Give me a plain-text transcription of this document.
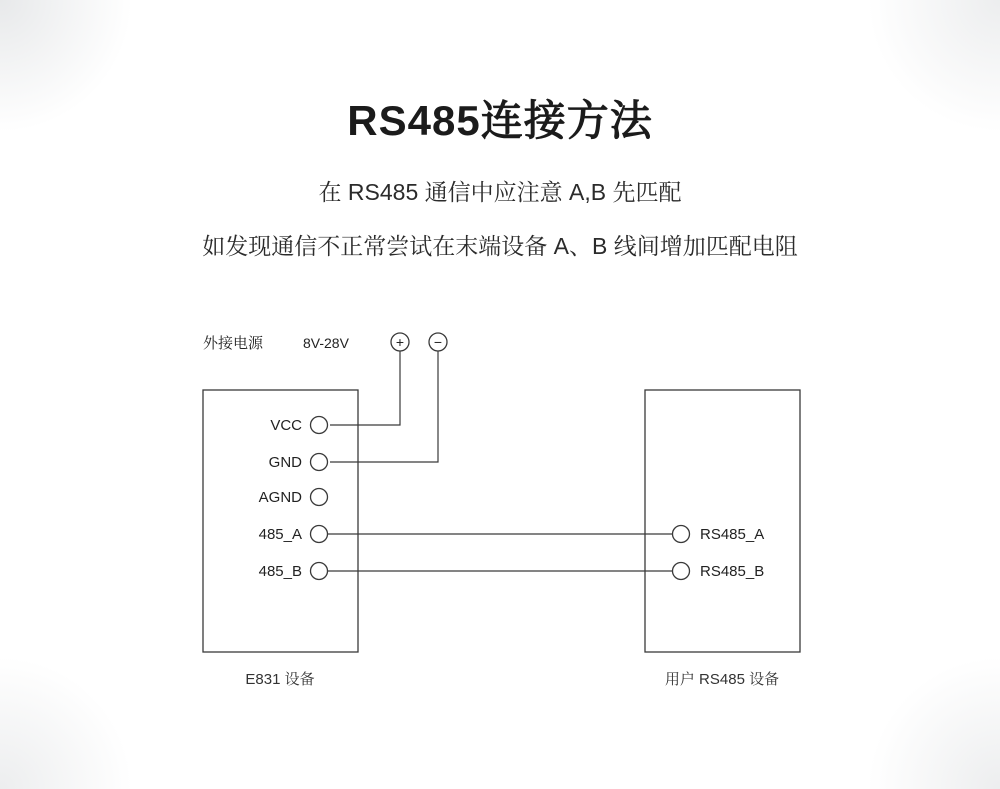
RS485连接方法
在 RS485 通信中应注意 A,B 先匹配
如发现通信不正常尝试在末端设备 A、B 线间增加匹配电阻
外接电源	8V-28V	+ −
VCC
GND
AGND
485_A
485_B
RS485_A
RS485_B
E831 设备	用户 RS485 设备
